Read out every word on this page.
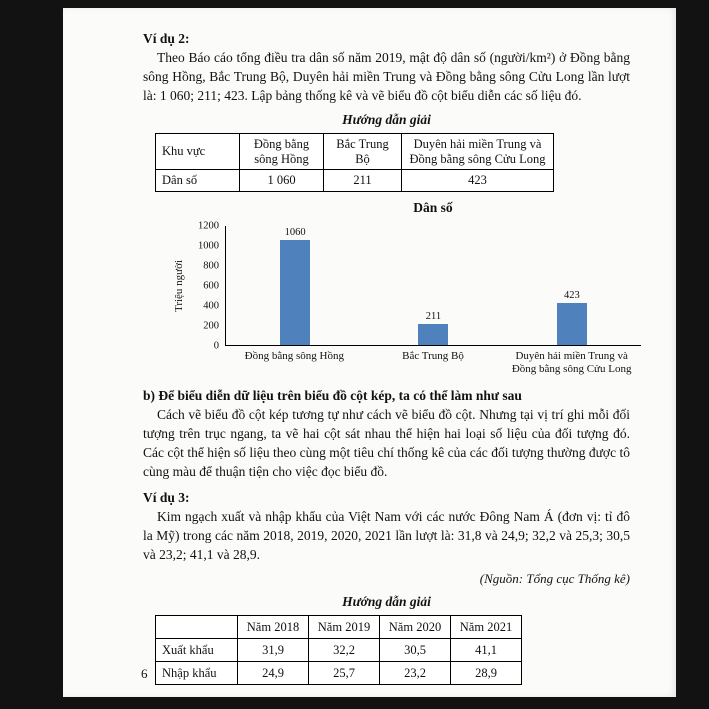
Ví dụ 2:

Theo Báo cáo tổng điều tra dân số năm 2019, mật độ dân số (người/km²) ở Đồng bằng sông Hồng, Bắc Trung Bộ, Duyên hải miền Trung và Đồng bằng sông Cửu Long lần lượt là: 1 060; 211; 423. Lập bảng thống kê và vẽ biểu đồ cột biểu diễn các số liệu đó.

Hướng dẫn giải
Khu vực	Đồng bằng sông Hồng	Bắc Trung Bộ	Duyên hải miền Trung và Đồng bằng sông Cửu Long
Dân số	1 060	211	423
Dân số
Triệu người
1200
1000
800
600
400
200
0
1060
211
423
Đồng bằng sông Hồng	Bắc Trung Bộ	Duyên hải miền Trung và Đồng bằng sông Cửu Long
b) Để biểu diễn dữ liệu trên biểu đồ cột kép, ta có thể làm như sau

Cách vẽ biểu đồ cột kép tương tự như cách vẽ biểu đồ cột. Nhưng tại vị trí ghi mỗi đối tượng trên trục ngang, ta vẽ hai cột sát nhau thể hiện hai loại số liệu của đối tượng đó. Các cột thể hiện số liệu theo cùng một tiêu chí thống kê của các đối tượng thường được tô cùng màu để thuận tiện cho việc đọc biểu đồ.

Ví dụ 3:

Kim ngạch xuất và nhập khẩu của Việt Nam với các nước Đông Nam Á (đơn vị: tỉ đô la Mỹ) trong các năm 2018, 2019, 2020, 2021 lần lượt là: 31,8 và 24,9; 32,2 và 25,3; 30,5 và 23,2; 41,1 và 28,9.

(Nguồn: Tổng cục Thống kê)
Hướng dẫn giải
	Năm 2018	Năm 2019	Năm 2020	Năm 2021
Xuất khẩu	31,9	32,2	30,5	41,1
Nhập khẩu	24,9	25,7	23,2	28,9
6
